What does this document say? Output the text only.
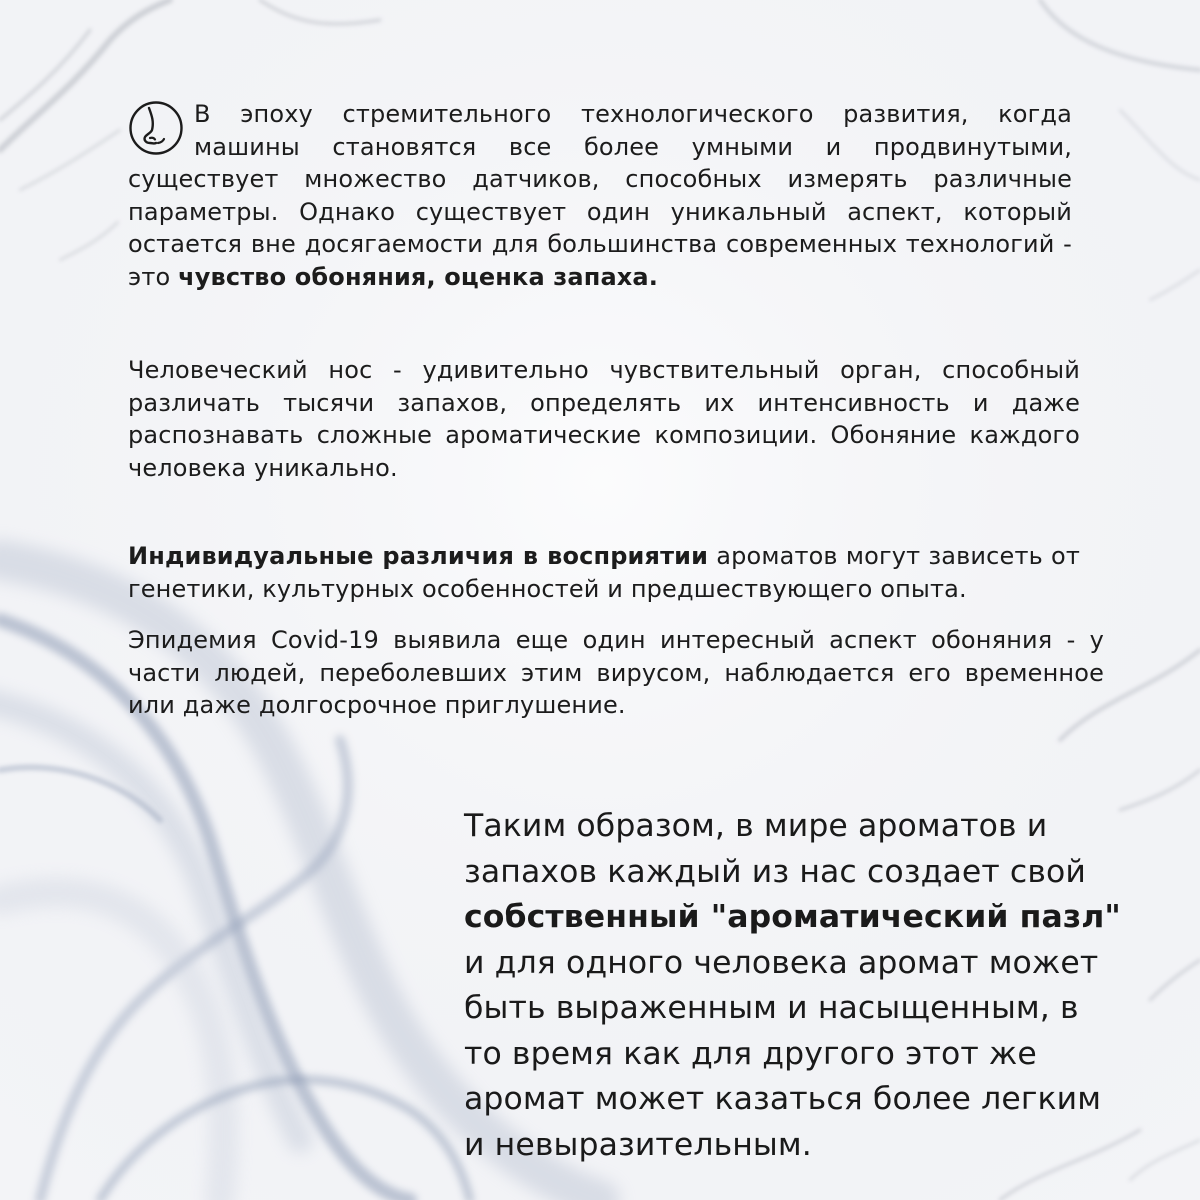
В эпоху стремительного технологического развития, когда машины становятся все более умными и продвинутыми, существует множество датчиков, способных измерять различные параметры. Однако существует один уникальный аспект, который остается вне досягаемости для большинства современных технологий - это чувство обоняния, оценка запаха.

Человеческий нос - удивительно чувствительный орган, способный различать тысячи запахов, определять их интенсивность и даже распознавать сложные ароматические композиции. Обоняние каждого человека уникально.

Индивидуальные различия в восприятии ароматов могут зависеть от генетики, культурных особенностей и предшествующего опыта.

Эпидемия Covid-19 выявила еще один интересный аспект обоняния - у части людей, переболевших этим вирусом, наблюдается его временное или даже долгосрочное приглушение.

Таким образом, в мире ароматов и запахов каждый из нас создает свой собственный "ароматический пазл" и для одного человека аромат может быть выраженным и насыщенным, в то время как для другого этот же аромат может казаться более легким и невыразительным.
